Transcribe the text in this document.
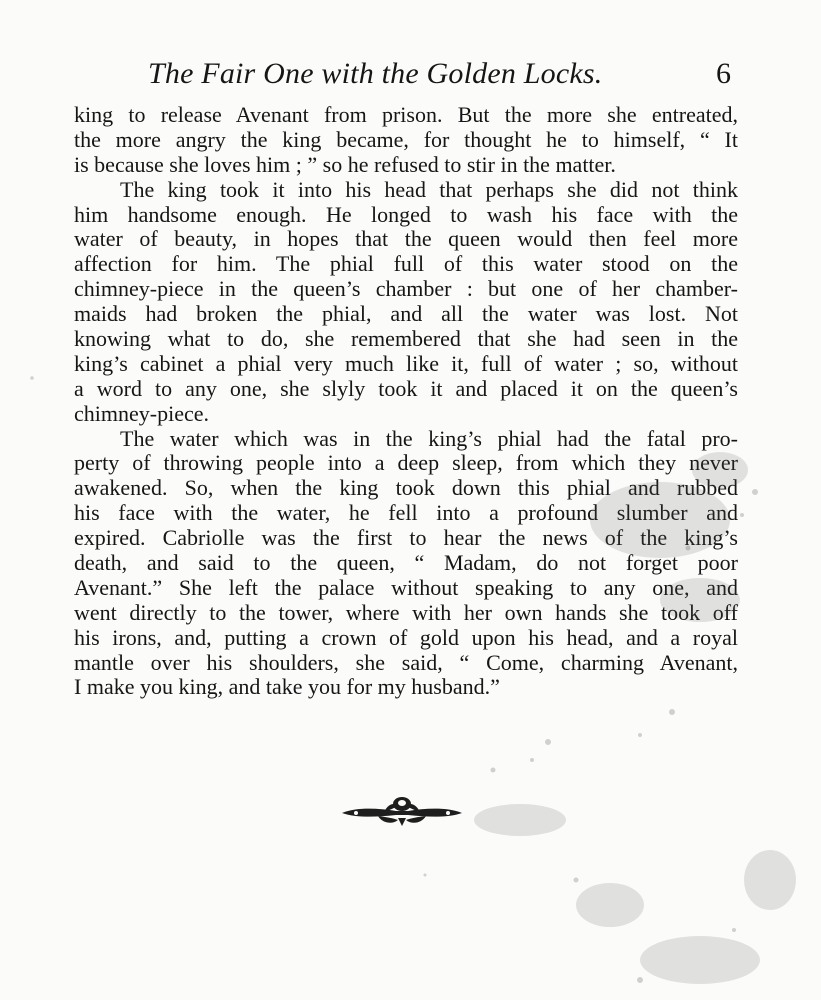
The Fair One with the Golden Locks.	6
king to release Avenant from prison. But the more she entreated,
the more angry the king became, for thought he to himself, “ It
is because she loves him ; ” so he refused to stir in the matter.
The king took it into his head that perhaps she did not think
him handsome enough. He longed to wash his face with the
water of beauty, in hopes that the queen would then feel more
affection for him. The phial full of this water stood on the
chimney-piece in the queen’s chamber : but one of her chamber-
maids had broken the phial, and all the water was lost. Not
knowing what to do, she remembered that she had seen in the
king’s cabinet a phial very much like it, full of water ; so, without
a word to any one, she slyly took it and placed it on the queen’s
chimney-piece.
The water which was in the king’s phial had the fatal pro-
perty of throwing people into a deep sleep, from which they never
awakened. So, when the king took down this phial and rubbed
his face with the water, he fell into a profound slumber and
expired. Cabriolle was the first to hear the news of the king’s
death, and said to the queen, “ Madam, do not forget poor
Avenant.” She left the palace without speaking to any one, and
went directly to the tower, where with her own hands she took off
his irons, and, putting a crown of gold upon his head, and a royal
mantle over his shoulders, she said, “ Come, charming Avenant,
I make you king, and take you for my husband.”
